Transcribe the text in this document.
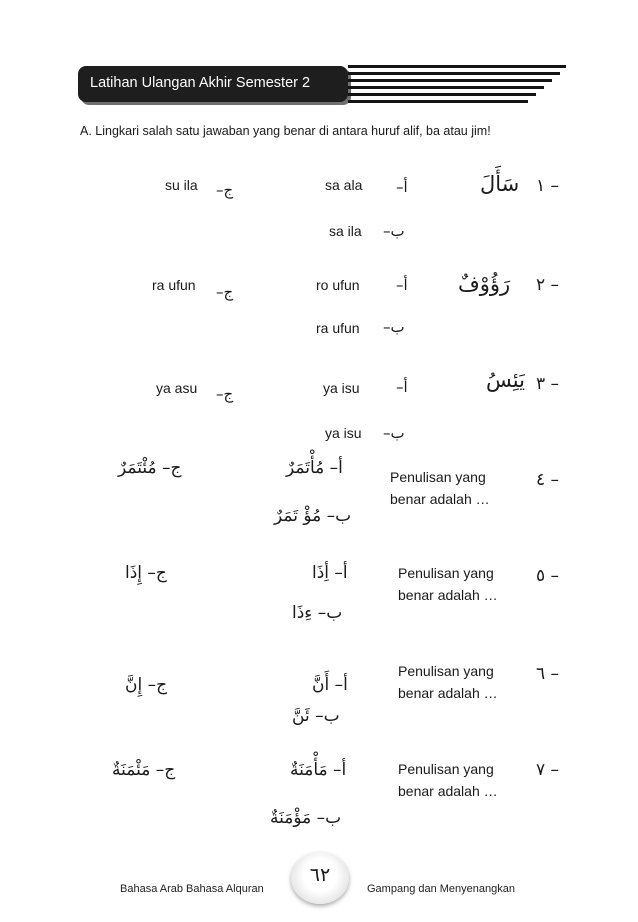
Latihan Ulangan Akhir Semester 2
A. Lingkari salah satu jawaban yang benar di antara huruf alif, ba atau jim!
١ –
سَأَلَ
أ–
sa ala
ب–
sa ila
ج–
su ila
٢ –
رَؤُوْفٌ
أ–
ro ufun
ب–
ra ufun
ج–
ra ufun
٣ –
يَئِسُ
أ–
ya isu
ب–
ya isu
ج–
ya asu
٤ –
Penulisan yang
benar adalah …
أ– مُأْتَمَرٌ
ب– مُؤْ تَمَرٌ
ج– مُئْتَمَرٌ
٥ –
Penulisan yang
benar adalah …
أ– أِذَا
ب– ءِذَا
ج– إِذَا
٦ –
Penulisan yang
benar adalah …
أ– أَنَّ
ب– ئَنَّ
ج– إِنَّ
٧ –
Penulisan yang
benar adalah …
أ– مَأْمَنَةٌ
ب– مَؤْمَنَةٌ
ج– مَئْمَنَةٌ
Bahasa Arab Bahasa Alquran
٦٢
Gampang dan Menyenangkan
